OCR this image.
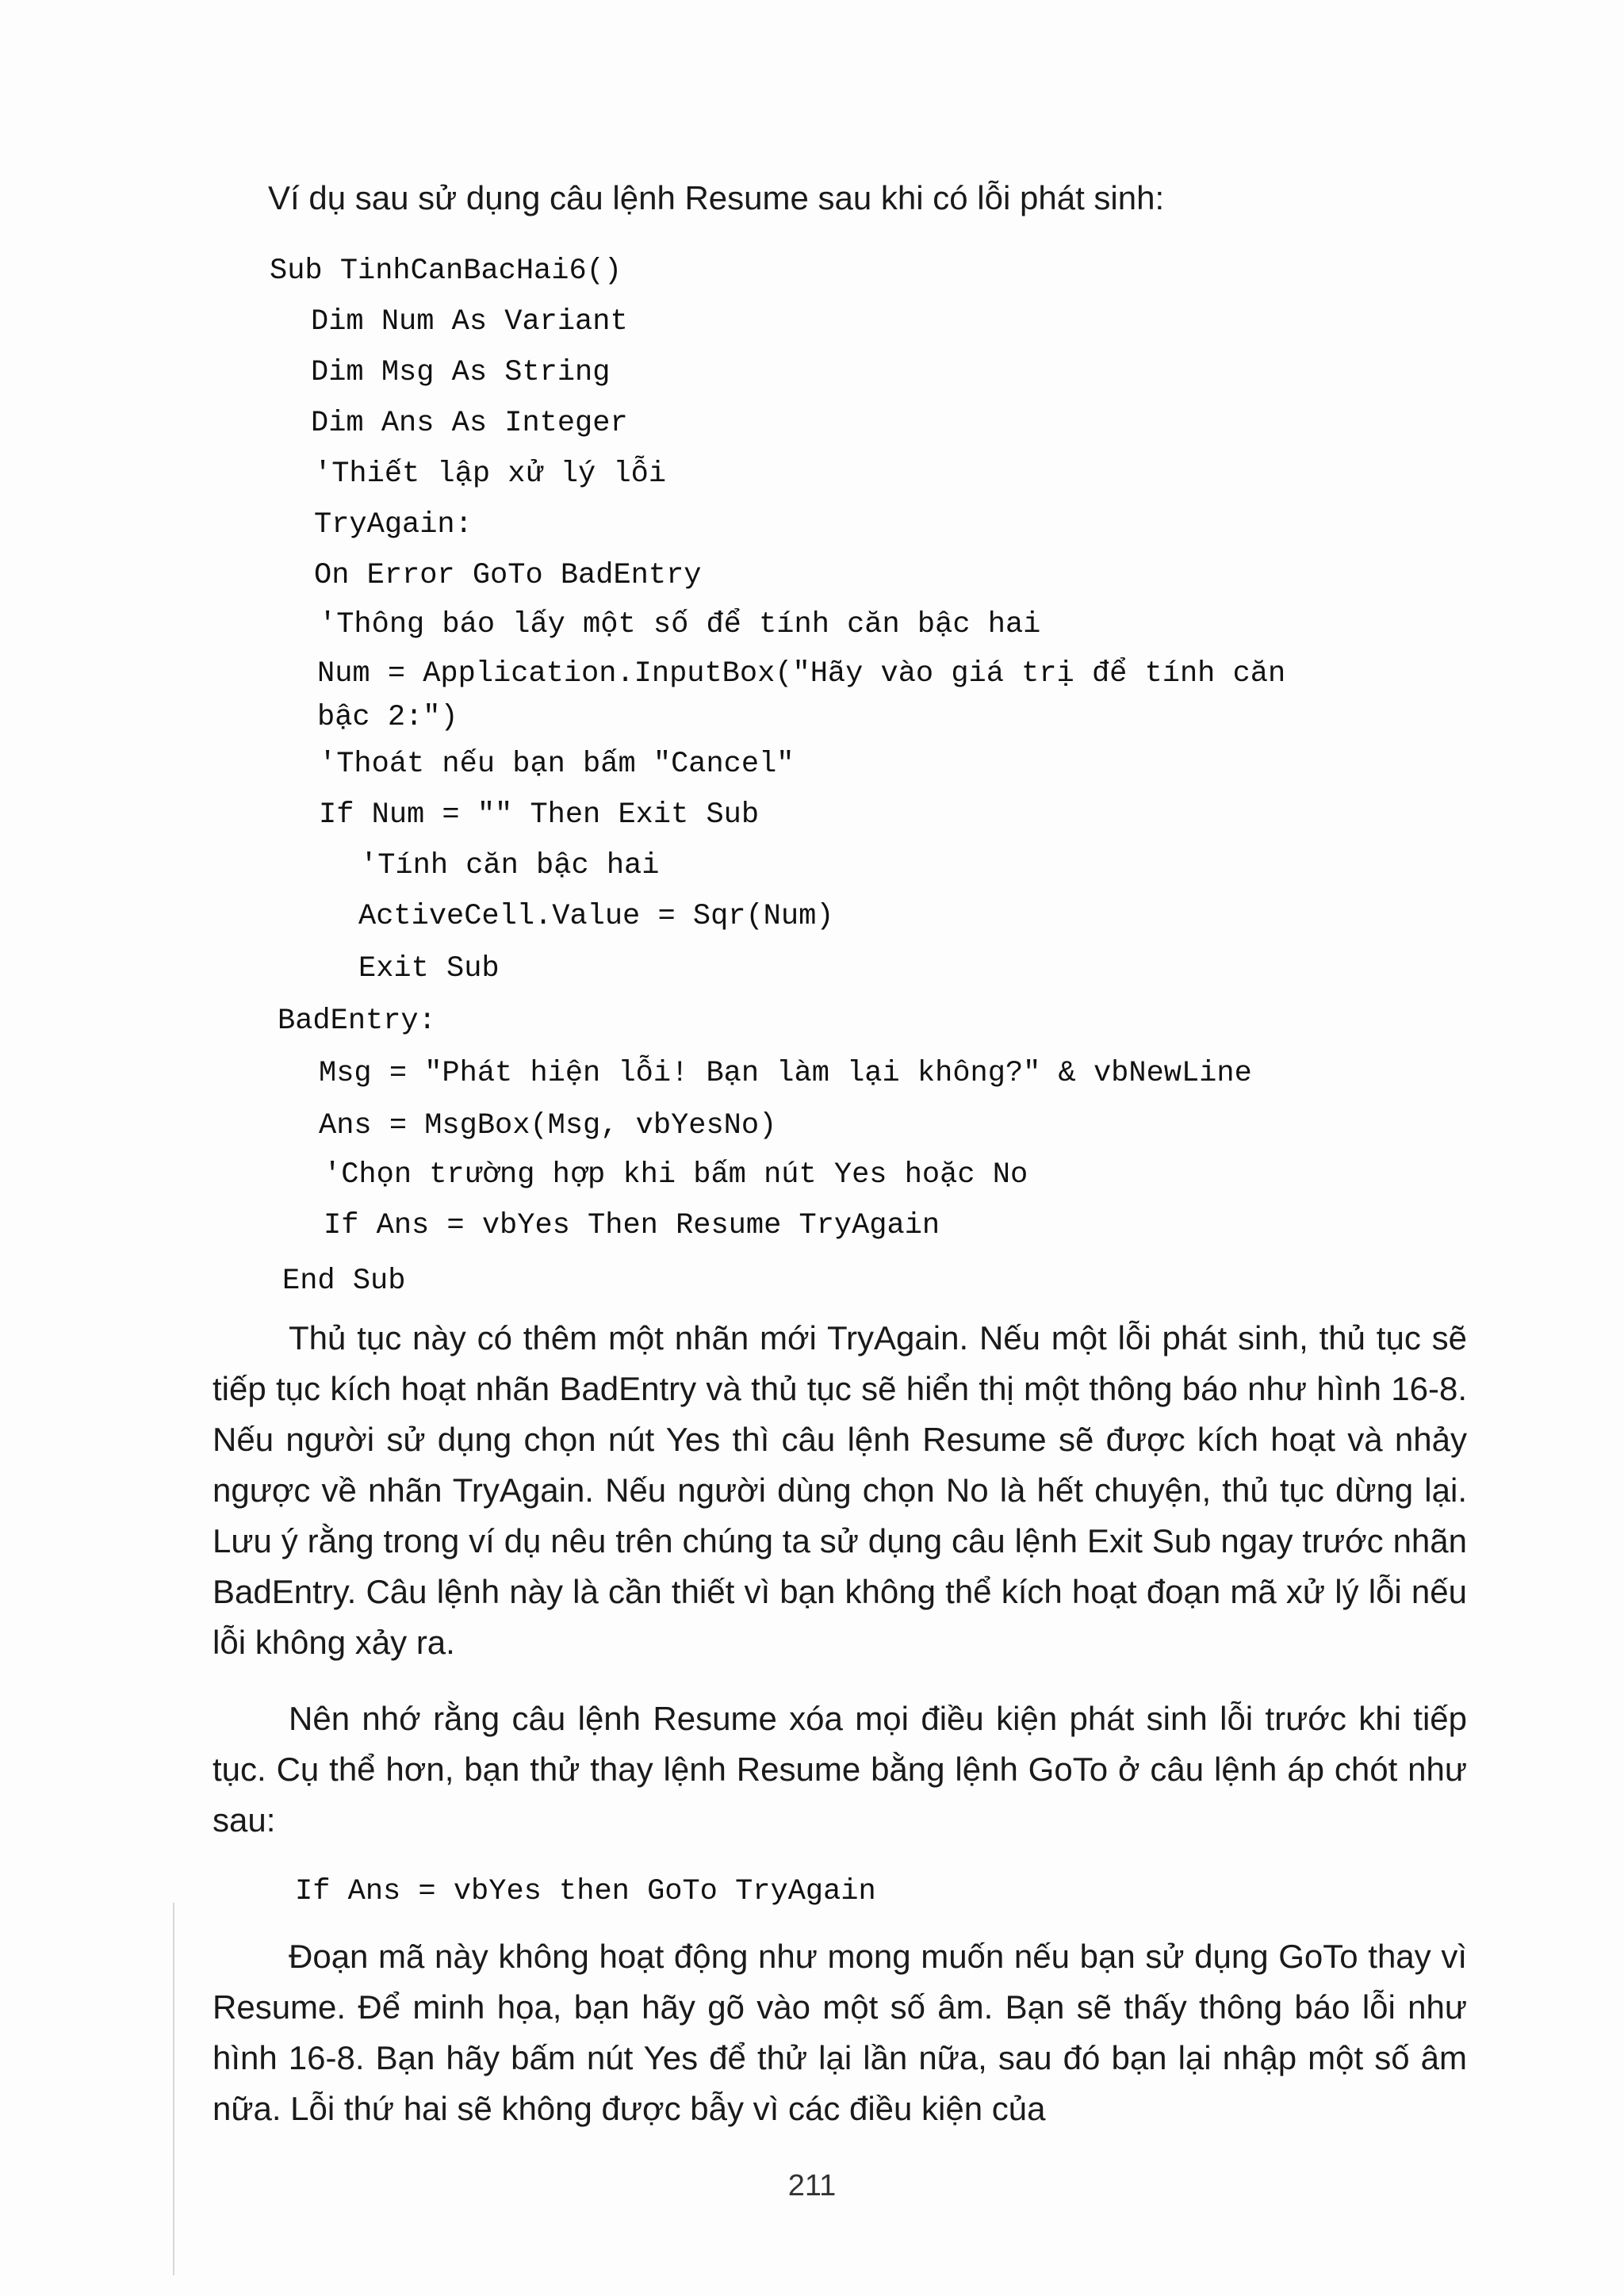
Ví dụ sau sử dụng câu lệnh Resume sau khi có lỗi phát sinh:
Sub TinhCanBacHai6()
Dim Num As Variant
Dim Msg As String
Dim Ans As Integer
'Thiết lập xử lý lỗi
TryAgain:
On Error GoTo BadEntry
'Thông báo lấy một số để tính căn bậc hai
Num = Application.InputBox("Hãy vào giá trị để tính căn
bậc 2:")
'Thoát nếu bạn bấm "Cancel"
If Num = "" Then Exit Sub
'Tính căn bậc hai
ActiveCell.Value = Sqr(Num)
Exit Sub
BadEntry:
Msg = "Phát hiện lỗi! Bạn làm lại không?" & vbNewLine
Ans = MsgBox(Msg, vbYesNo)
'Chọn trường hợp khi bấm nút Yes hoặc No
If Ans = vbYes Then Resume TryAgain
End Sub
Thủ tục này có thêm một nhãn mới TryAgain. Nếu một lỗi phát sinh, thủ tục sẽ tiếp tục kích hoạt nhãn BadEntry và thủ tục sẽ hiển thị một thông báo như hình 16-8. Nếu người sử dụng chọn nút Yes thì câu lệnh Resume sẽ được kích hoạt và nhảy ngược về nhãn TryAgain. Nếu người dùng chọn No là hết chuyện, thủ tục dừng lại. Lưu ý rằng trong ví dụ nêu trên chúng ta sử dụng câu lệnh Exit Sub ngay trước nhãn BadEntry. Câu lệnh này là cần thiết vì bạn không thể kích hoạt đoạn mã xử lý lỗi nếu lỗi không xảy ra.
Nên nhớ rằng câu lệnh Resume xóa mọi điều kiện phát sinh lỗi trước khi tiếp tục. Cụ thể hơn, bạn thử thay lệnh Resume bằng lệnh GoTo ở câu lệnh áp chót như sau:
If Ans = vbYes then GoTo TryAgain
Đoạn mã này không hoạt động như mong muốn nếu bạn sử dụng GoTo thay vì Resume. Để minh họa, bạn hãy gõ vào một số âm. Bạn sẽ thấy thông báo lỗi như hình 16-8. Bạn hãy bấm nút Yes để thử lại lần nữa, sau đó bạn lại nhập một số âm nữa. Lỗi thứ hai sẽ không được bẫy vì các điều kiện của
211
